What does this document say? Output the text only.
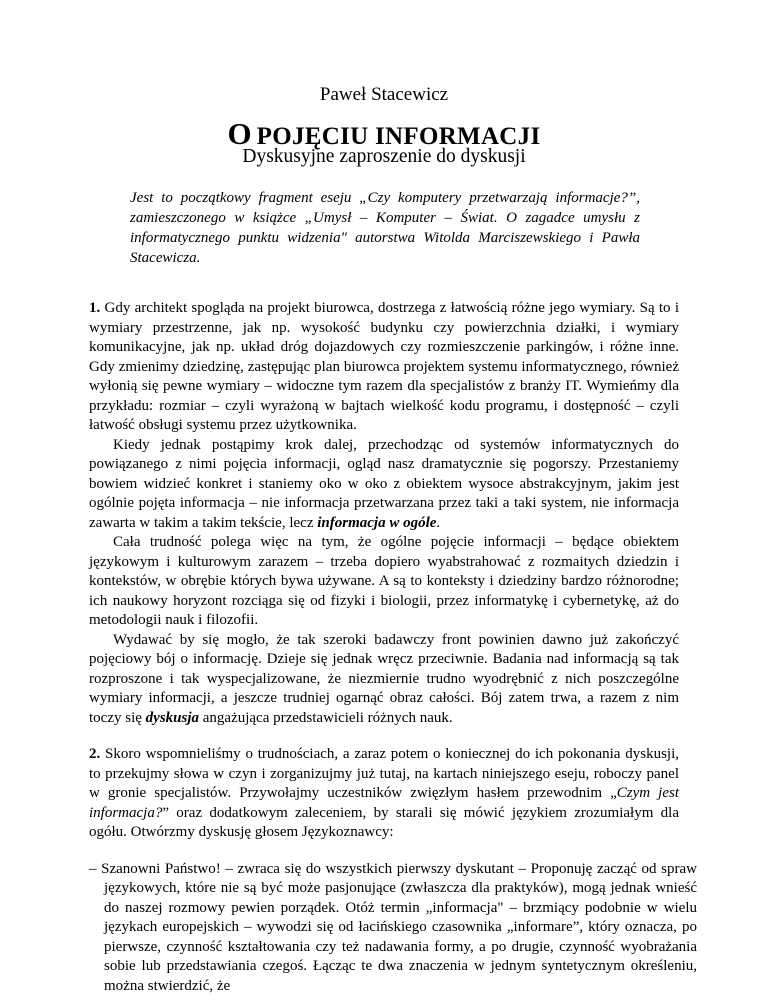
Paweł Stacewicz
O POJĘCIU INFORMACJI
Dyskusyjne zaproszenie do dyskusji
Jest to początkowy fragment eseju „Czy komputery przetwarzają informacje?”, zamieszczonego w książce „Umysł – Komputer – Świat. O zagadce umysłu z informatycznego punktu widzenia" autorstwa Witolda Marciszewskiego i Pawła Stacewicza.

1. Gdy architekt spogląda na projekt biurowca, dostrzega z łatwością różne jego wymiary. Są to i wymiary przestrzenne, jak np. wysokość budynku czy powierzchnia działki, i wymiary komunikacyjne, jak np. układ dróg dojazdowych czy rozmieszczenie parkingów, i różne inne. Gdy zmienimy dziedzinę, zastępując plan biurowca projektem systemu informatycznego, również wyłonią się pewne wymiary – widoczne tym razem dla specjalistów z branży IT. Wymieńmy dla przykładu: rozmiar – czyli wyrażoną w bajtach wielkość kodu programu, i dostępność – czyli łatwość obsługi systemu przez użytkownika.

Kiedy jednak postąpimy krok dalej, przechodząc od systemów informatycznych do powiązanego z nimi pojęcia informacji, ogląd nasz dramatycznie się pogorszy. Przestaniemy bowiem widzieć konkret i staniemy oko w oko z obiektem wysoce abstrakcyjnym, jakim jest ogólnie pojęta informacja – nie informacja przetwarzana przez taki a taki system, nie informacja zawarta w takim a takim tekście, lecz informacja w ogóle.

Cała trudność polega więc na tym, że ogólne pojęcie informacji – będące obiektem językowym i kulturowym zarazem – trzeba dopiero wyabstrahować z rozmaitych dziedzin i kontekstów, w obrębie których bywa używane. A są to konteksty i dziedziny bardzo różnorodne; ich naukowy horyzont rozciąga się od fizyki i biologii, przez informatykę i cybernetykę, aż do metodologii nauk i filozofii.

Wydawać by się mogło, że tak szeroki badawczy front powinien dawno już zakończyć pojęciowy bój o informację. Dzieje się jednak wręcz przeciwnie. Badania nad informacją są tak rozproszone i tak wyspecjalizowane, że niezmiernie trudno wyodrębnić z nich poszczególne wymiary informacji, a jeszcze trudniej ogarnąć obraz całości. Bój zatem trwa, a razem z nim toczy się dyskusja angażująca przedstawicieli różnych nauk.

2. Skoro wspomnieliśmy o trudnościach, a zaraz potem o koniecznej do ich pokonania dyskusji, to przekujmy słowa w czyn i zorganizujmy już tutaj, na kartach niniejszego eseju, roboczy panel w gronie specjalistów. Przywołajmy uczestników zwięzłym hasłem przewodnim „Czym jest informacja?” oraz dodatkowym zaleceniem, by starali się mówić językiem zrozumiałym dla ogółu. Otwórzmy dyskusję głosem Językoznawcy:

– Szanowni Państwo! – zwraca się do wszystkich pierwszy dyskutant – Proponuję zacząć od spraw językowych, które nie są być może pasjonujące (zwłaszcza dla praktyków), mogą jednak wnieść do naszej rozmowy pewien porządek. Otóż termin „informacja" – brzmiący podobnie w wielu językach europejskich – wywodzi się od łacińskiego czasownika „informare”, który oznacza, po pierwsze, czynność kształtowania czy też nadawania formy, a po drugie, czynność wyobrażania sobie lub przedstawiania czegoś. Łącząc te dwa znaczenia w jednym syntetycznym określeniu, można stwierdzić, że
